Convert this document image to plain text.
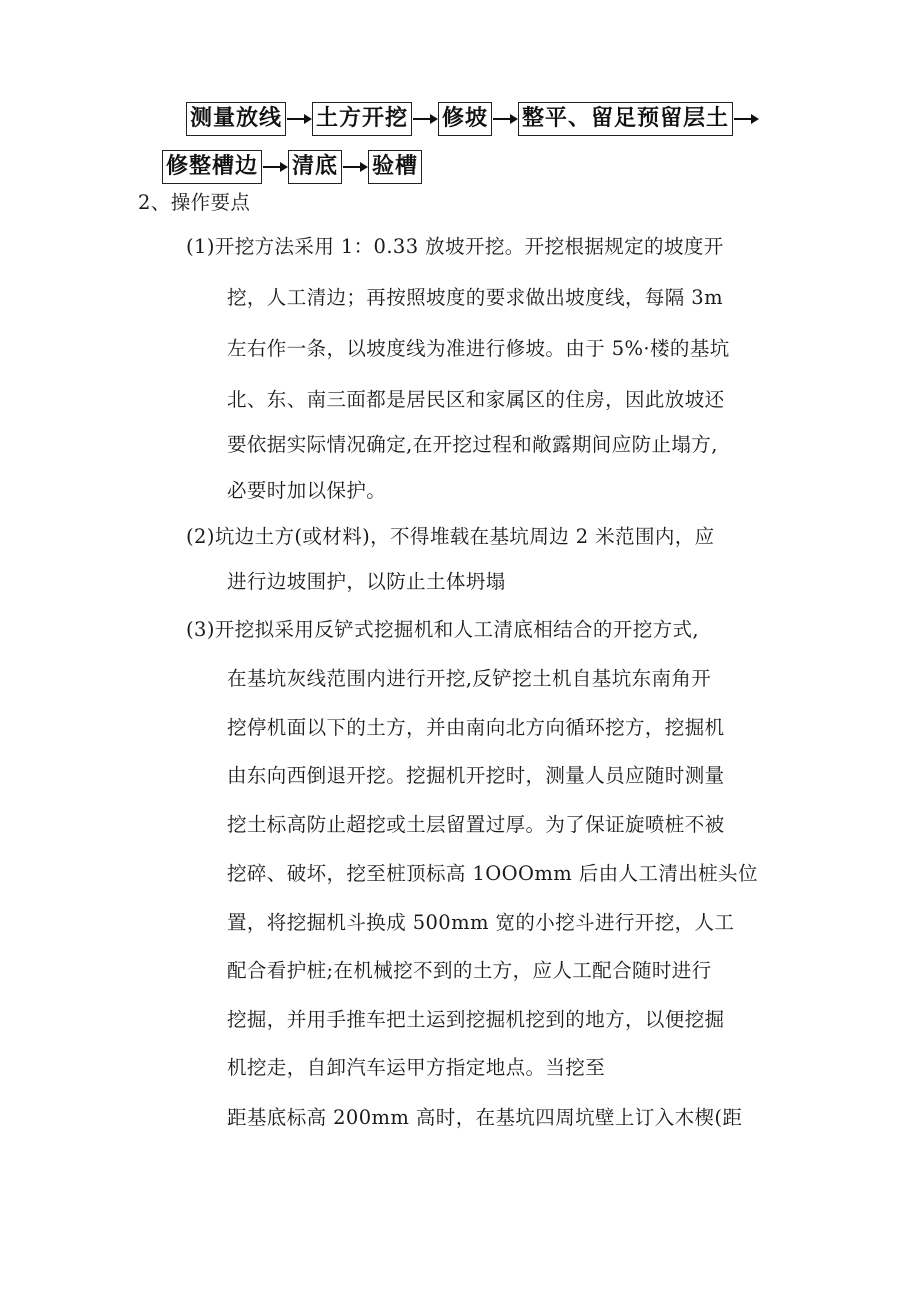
测量放线 土方开挖 修坡 整平、留足预留层土
修整槽边 清底 验槽
2、操作要点
(1)开挖方法采用 1：0.33 放坡开挖。开挖根据规定的坡度开
挖，人工清边；再按照坡度的要求做出坡度线，每隔 3m
左右作一条，以坡度线为准进行修坡。由于 5%·楼的基坑
北、东、南三面都是居民区和家属区的住房，因此放坡还
要依据实际情况确定,在开挖过程和敞露期间应防止塌方,
必要时加以保护。
(2)坑边土方(或材料)，不得堆载在基坑周边 2 米范围内，应
进行边坡围护，以防止土体坍塌
(3)开挖拟采用反铲式挖掘机和人工清底相结合的开挖方式,
在基坑灰线范围内进行开挖,反铲挖土机自基坑东南角开
挖停机面以下的土方，并由南向北方向循环挖方，挖掘机
由东向西倒退开挖。挖掘机开挖时，测量人员应随时测量
挖土标高防止超挖或土层留置过厚。为了保证旋喷桩不被
挖碎、破坏，挖至桩顶标高 1OOOmm 后由人工清出桩头位
置，将挖掘机斗换成 500mm 宽的小挖斗进行开挖，人工
配合看护桩;在机械挖不到的土方，应人工配合随时进行
挖掘，并用手推车把土运到挖掘机挖到的地方，以便挖掘
机挖走，自卸汽车运甲方指定地点。当挖至
距基底标高 200mm 高时，在基坑四周坑壁上订入木楔(距
